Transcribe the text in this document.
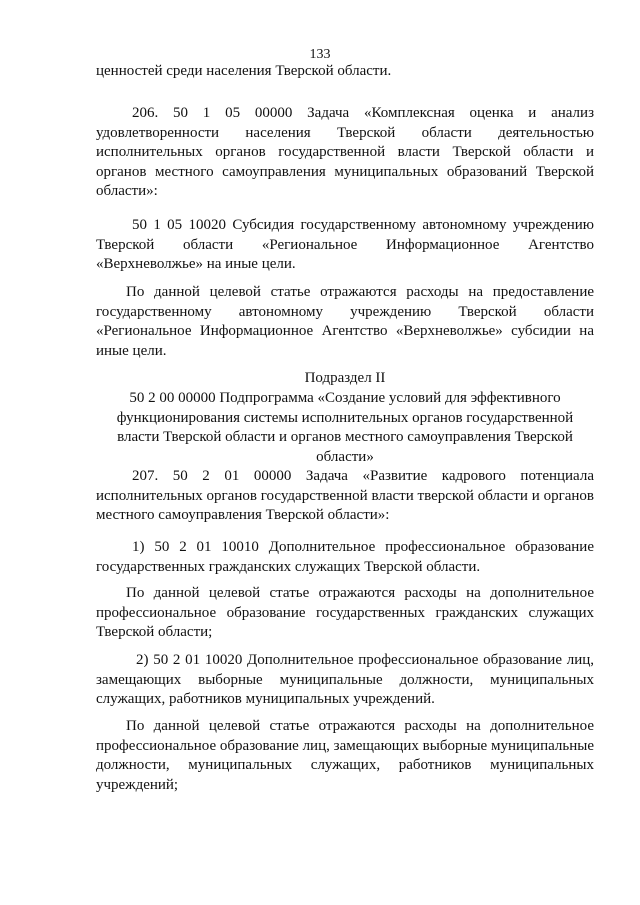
133

ценностей среди населения Тверской области.

206. 50 1 05 00000 Задача «Комплексная оценка и анализ удовлетворенности населения Тверской области деятельностью исполнительных органов государственной власти Тверской области и органов местного самоуправления муниципальных образований Тверской области»:

50 1 05 10020 Субсидия государственному автономному учреждению Тверской области «Региональное Информационное Агентство «Верхневолжье» на иные цели.

По данной целевой статье отражаются расходы на предоставление государственному автономному учреждению Тверской области «Региональное Информационное Агентство «Верхневолжье» субсидии на иные цели.

Подраздел II

50 2 00 00000 Подпрограмма «Создание условий для эффективного функционирования системы исполнительных органов государственной власти Тверской области и органов местного самоуправления Тверской области»

207. 50 2 01 00000 Задача «Развитие кадрового потенциала исполнительных органов государственной власти тверской области и органов местного самоуправления Тверской области»:

1) 50 2 01 10010 Дополнительное профессиональное образование государственных гражданских служащих Тверской области.

По данной целевой статье отражаются расходы на дополнительное профессиональное образование государственных гражданских служащих Тверской области;

2) 50 2 01 10020 Дополнительное профессиональное образование лиц, замещающих выборные муниципальные должности, муниципальных служащих, работников муниципальных учреждений.

По данной целевой статье отражаются расходы на дополнительное профессиональное образование лиц, замещающих выборные муниципальные должности, муниципальных служащих, работников муниципальных учреждений;
